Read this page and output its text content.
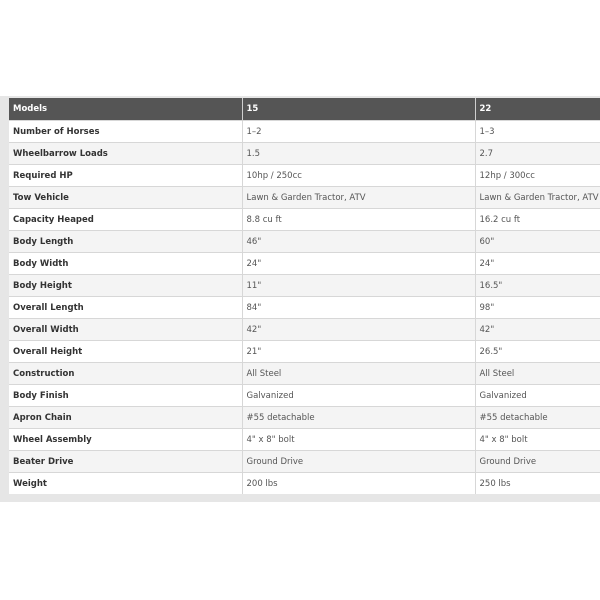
Models	15	22
Number of Horses	1–2	1–3
Wheelbarrow Loads	1.5	2.7
Required HP	10hp / 250cc	12hp / 300cc
Tow Vehicle	Lawn & Garden Tractor, ATV	Lawn & Garden Tractor, ATV
Capacity Heaped	8.8 cu ft	16.2 cu ft
Body Length	46"	60"
Body Width	24"	24"
Body Height	11"	16.5"
Overall Length	84"	98"
Overall Width	42"	42"
Overall Height	21"	26.5"
Construction	All Steel	All Steel
Body Finish	Galvanized	Galvanized
Apron Chain	#55 detachable	#55 detachable
Wheel Assembly	4" x 8" bolt	4" x 8" bolt
Beater Drive	Ground Drive	Ground Drive
Weight	200 lbs	250 lbs
